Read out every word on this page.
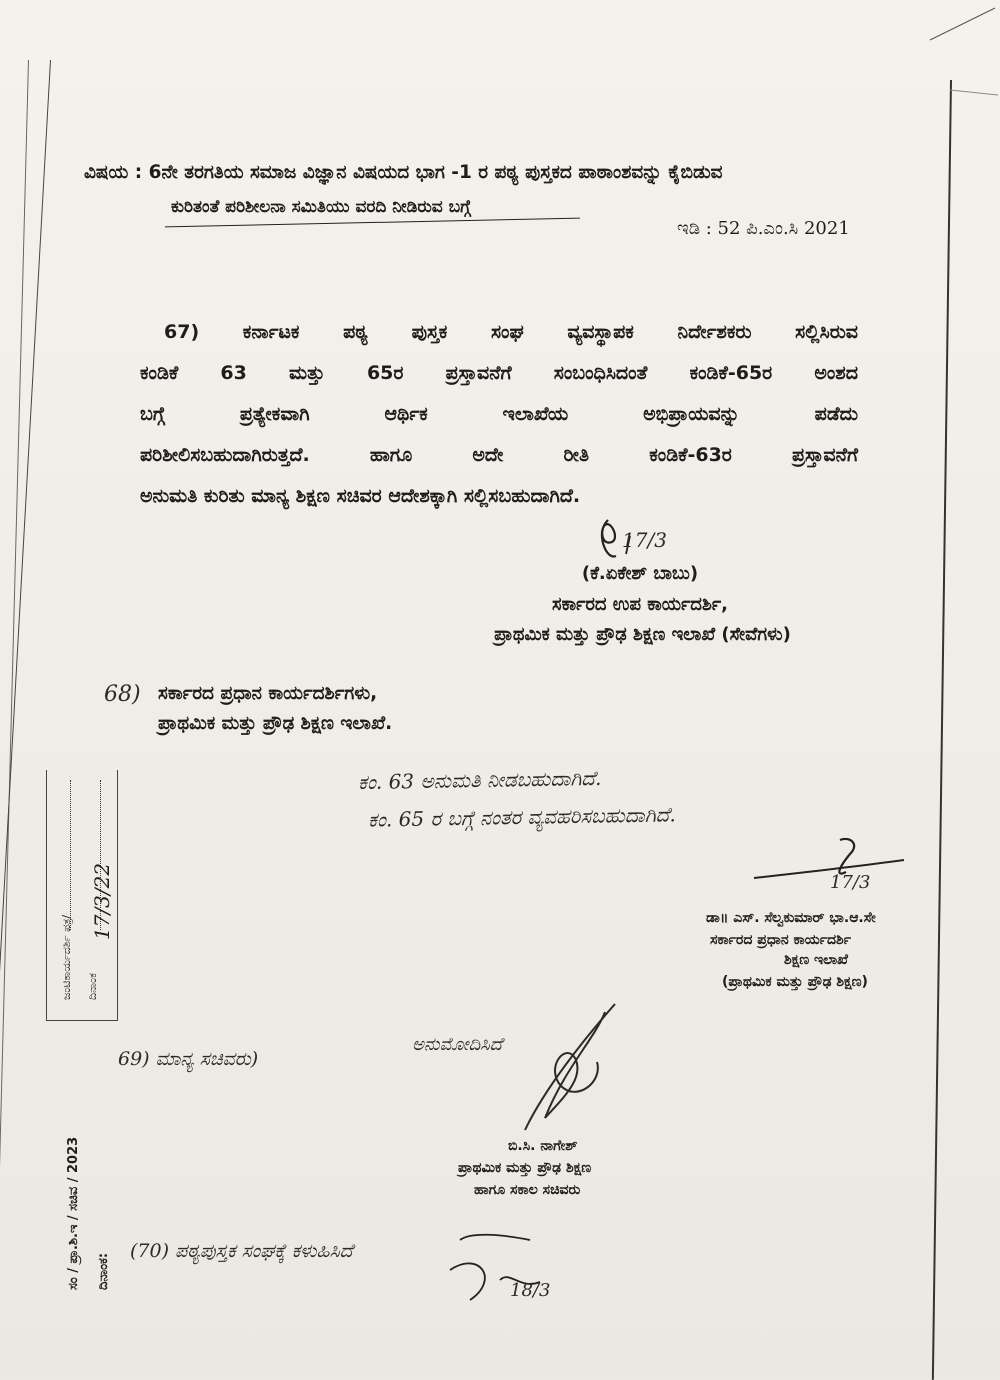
ವಿಷಯ : 6ನೇ ತರಗತಿಯ ಸಮಾಜ ವಿಜ್ಞಾನ ವಿಷಯದ ಭಾಗ -1 ರ ಪಠ್ಯ ಪುಸ್ತಕದ ಪಾಠಾಂಶವನ್ನು ಕೈಬಿಡುವ
ಕುರಿತಂತೆ ಪರಿಶೀಲನಾ ಸಮಿತಿಯು ವರದಿ ನೀಡಿರುವ ಬಗ್ಗೆ
ಇಡಿ : 52 ಪಿ.ಎಂ.ಸಿ 2021
67) ಕರ್ನಾಟಕ ಪಠ್ಯ ಪುಸ್ತಕ ಸಂಘ ವ್ಯವಸ್ಥಾಪಕ ನಿರ್ದೇಶಕರು ಸಲ್ಲಿಸಿರುವ
ಕಂಡಿಕೆ 63 ಮತ್ತು 65ರ ಪ್ರಸ್ತಾವನೆಗೆ ಸಂಬಂಧಿಸಿದಂತೆ ಕಂಡಿಕೆ-65ರ ಅಂಶದ
ಬಗ್ಗೆ ಪ್ರತ್ಯೇಕವಾಗಿ ಆರ್ಥಿಕ ಇಲಾಖೆಯ ಅಭಿಪ್ರಾಯವನ್ನು ಪಡೆದು
ಪರಿಶೀಲಿಸಬಹುದಾಗಿರುತ್ತದೆ. ಹಾಗೂ ಅದೇ ರೀತಿ ಕಂಡಿಕೆ-63ರ ಪ್ರಸ್ತಾವನೆಗೆ
ಅನುಮತಿ ಕುರಿತು ಮಾನ್ಯ ಶಿಕ್ಷಣ ಸಚಿವರ ಆದೇಶಕ್ಕಾಗಿ ಸಲ್ಲಿಸಬಹುದಾಗಿದೆ.
17/3
(ಕೆ.ಏಕೇಶ್ ಬಾಬು)
ಸರ್ಕಾರದ ಉಪ ಕಾರ್ಯದರ್ಶಿ,
ಪ್ರಾಥಮಿಕ ಮತ್ತು ಪ್ರೌಢ ಶಿಕ್ಷಣ ಇಲಾಖೆ (ಸೇವೆಗಳು)
68) ಸರ್ಕಾರದ ಪ್ರಧಾನ ಕಾರ್ಯದರ್ಶಿಗಳು,
ಪ್ರಾಥಮಿಕ ಮತ್ತು ಪ್ರೌಢ ಶಿಕ್ಷಣ ಇಲಾಖೆ.
ಕಂ. 63 ಅನುಮತಿ ನೀಡಬಹುದಾಗಿದೆ.
ಕಂ. 65 ರ ಬಗ್ಗೆ ನಂತರ ವ್ಯವಹರಿಸಬಹುದಾಗಿದೆ.
17/3
ಡಾ॥ ಎಸ್. ಸೆಲ್ವಕುಮಾರ್ ಭಾ.ಆ.ಸೇ
ಸರ್ಕಾರದ ಪ್ರಧಾನ ಕಾರ್ಯದರ್ಶಿ
ಶಿಕ್ಷಣ ಇಲಾಖೆ
(ಪ್ರಾಥಮಿಕ ಮತ್ತು ಪ್ರೌಢ ಶಿಕ್ಷಣ)
ಜಂಟಿಕಾರ್ಯದರ್ಶಿ ಪತ್ರ/ ದಿನಾಂಕ
17/3/22
ಸಂ / ಪ್ರಾ.ಶಿ.ಇ / ಸಚಿವ / 2023 ದಿನಾಂಕ:
69) ಮಾನ್ಯ ಸಚಿವರು)
ಅನುಮೋದಿಸಿದೆ
ಬಿ.ಸಿ. ನಾಗೇಶ್
ಪ್ರಾಥಮಿಕ ಮತ್ತು ಪ್ರೌಢ ಶಿಕ್ಷಣ
ಹಾಗೂ ಸಕಾಲ ಸಚಿವರು
(70) ಪಠ್ಯಪುಸ್ತಕ ಸಂಘಕ್ಕೆ ಕಳುಹಿಸಿದೆ
18/3
